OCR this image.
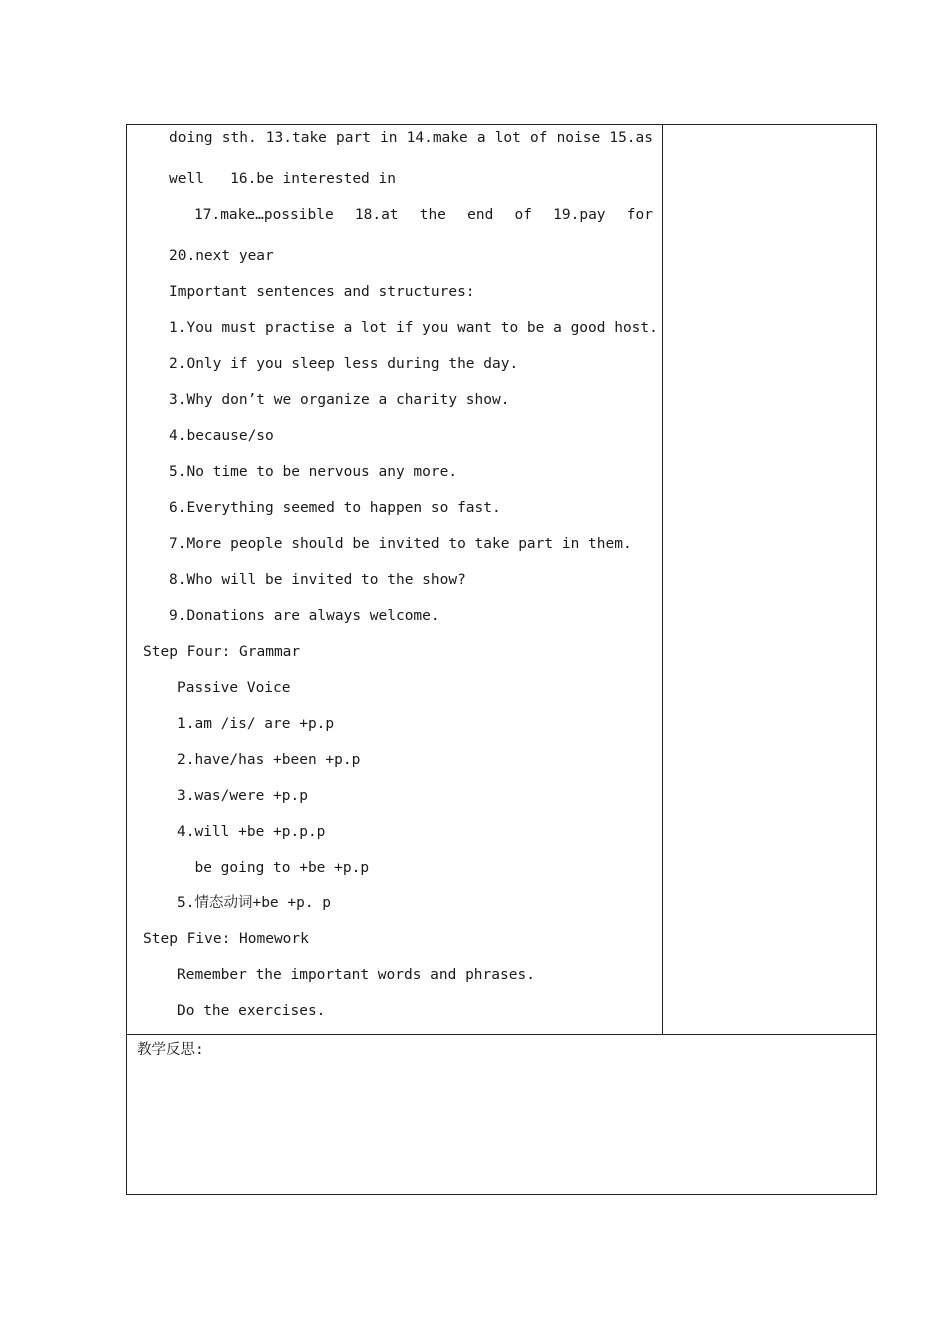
doing sth. 13.take part in 14.make a lot of noise 15.as
well   16.be interested in
17.make…possible 18.at the end of 19.pay for
20.next year
Important sentences and structures:
1.You must practise a lot if you want to be a good host.
2.Only if you sleep less during the day.
3.Why don’t we organize a charity show.
4.because/so
5.No time to be nervous any more.
6.Everything seemed to happen so fast.
7.More people should be invited to take part in them.
8.Who will be invited to the show?
9.Donations are always welcome.
Step Four: Grammar
Passive Voice
1.am /is/ are +p.p
2.have/has +been +p.p
3.was/were +p.p
4.will +be +p.p.p
be going to +be +p.p
5.情态动词+be +p. p
Step Five: Homework
Remember the important words and phrases.
Do the exercises.
教学反思:
